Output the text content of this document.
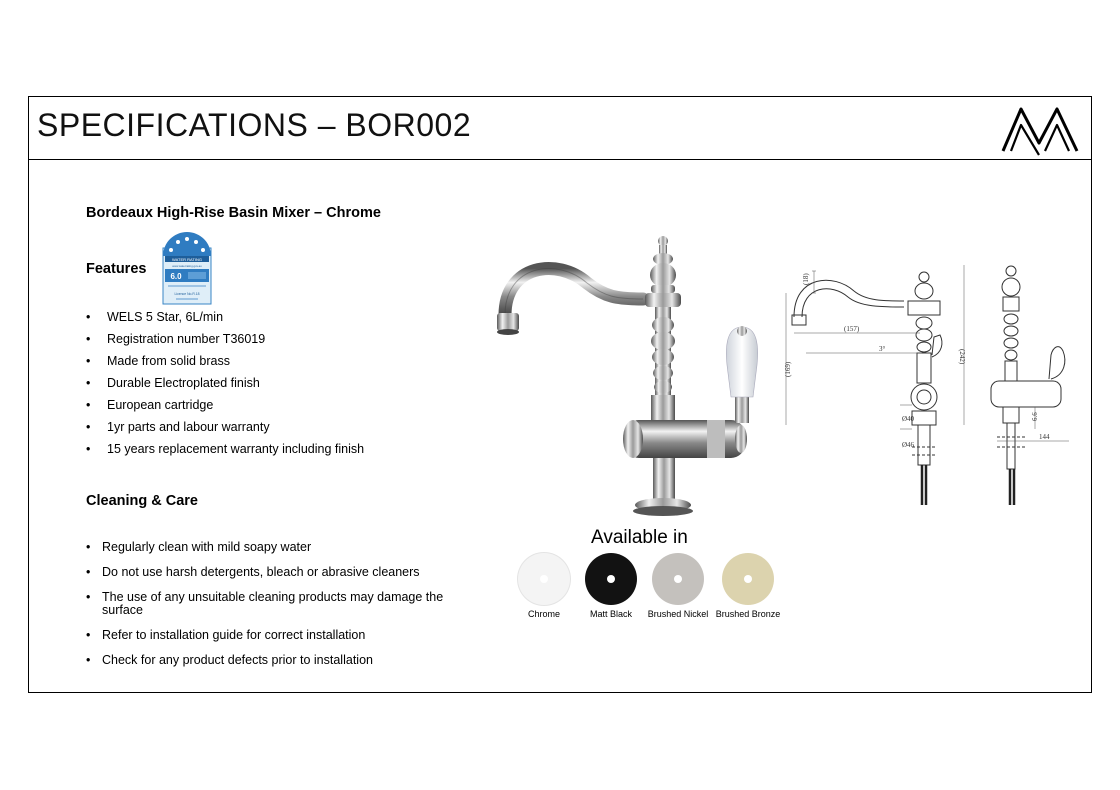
SPECIFICATIONS – BOR002
Bordeaux High-Rise Basin Mixer – Chrome
Features
WATER RATING
www.waterrating.gov.au
6.0
Licence No.R.18
• WELS 5 Star, 6L/min
• Registration number T36019
• Made from solid brass
• Durable Electroplated finish
• European cartridge
• 1yr parts and labour warranty
• 15 years replacement warranty including finish
Cleaning & Care
• Regularly clean with mild soapy water
• Do not use harsh detergents, bleach or abrasive cleaners
• The use of any unsuitable cleaning products may damage the surface
• Refer to installation guide for correct installation
• Check for any product defects prior to installation
(18)
(157)
3°	(242)
(169)
Ø40
Ø46
6.6
144
Available in
Chrome	Matt Black	Brushed Nickel Brushed Bronze
